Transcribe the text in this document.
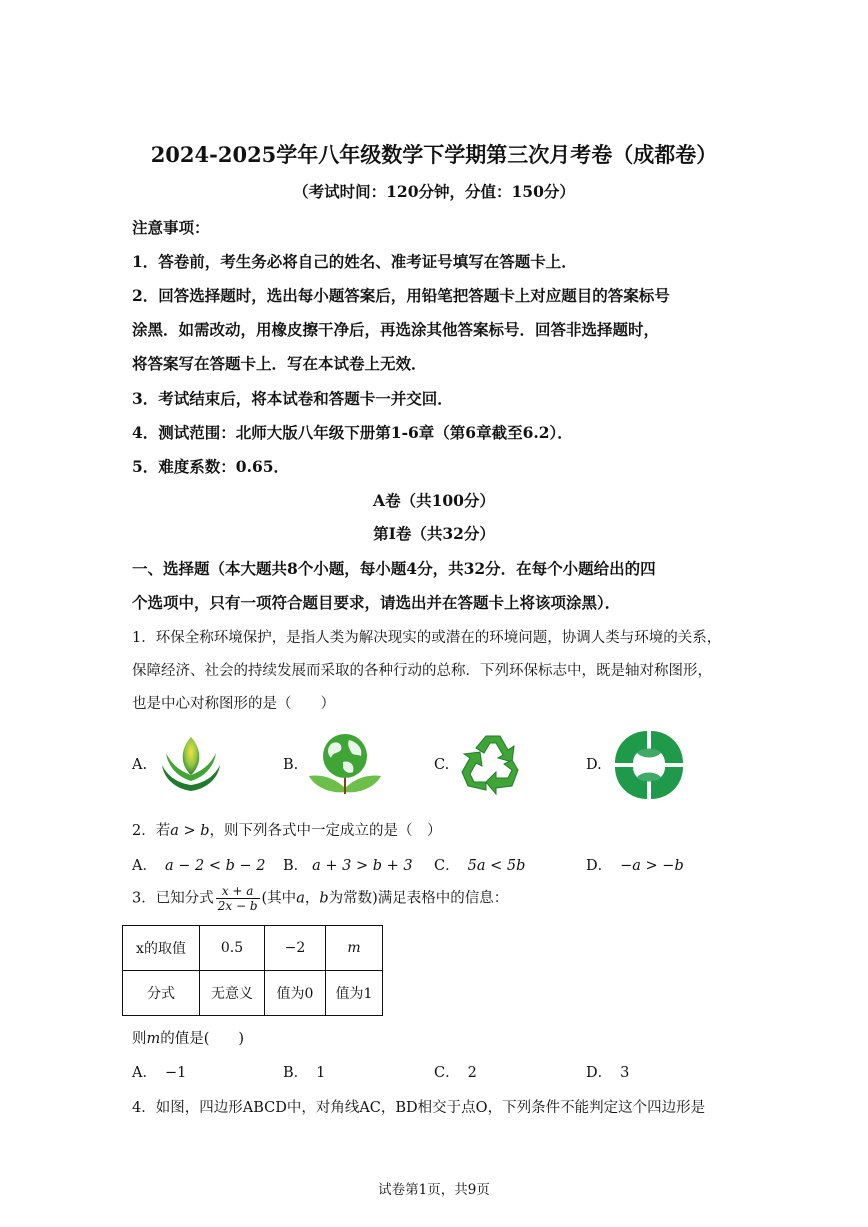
2024-2025学年八年级数学下学期第三次月考卷（成都卷）
（考试时间：120分钟，分值：150分）
注意事项：
1．答卷前，考生务必将自己的姓名、准考证号填写在答题卡上．
2．回答选择题时，选出每小题答案后，用铅笔把答题卡上对应题目的答案标号
涂黑．如需改动，用橡皮擦干净后，再选涂其他答案标号．回答非选择题时，
将答案写在答题卡上．写在本试卷上无效．
3．考试结束后，将本试卷和答题卡一并交回．
4．测试范围：北师大版八年级下册第1-6章（第6章截至6.2）．
5．难度系数：0.65．
A卷（共100分）
第Ⅰ卷（共32分）
一、选择题（本大题共8个小题，每小题4分，共32分．在每个小题给出的四
个选项中，只有一项符合题目要求，请选出并在答题卡上将该项涂黑）．
1．环保全称环境保护，是指人类为解决现实的或潜在的环境问题，协调人类与环境的关系，
保障经济、社会的持续发展而采取的各种行动的总称．下列环保标志中，既是轴对称图形，
也是中心对称图形的是（　　）
A.	B.	C.	D.
2．若a > b，则下列各式中一定成立的是（　）
A． a − 2 < b − 2 B． a + 3 > b + 3 C． 5a < 5b	D． −a > −b
3．已知分式 $\frac{x + a}{2x - b}$ (其中a，b为常数)满足表格中的信息：
x的取值	0.5	−2	m
分式	无意义	值为0	值为1
则m的值是(　　)
A． −1	B． 1	C． 2	D． 3
4．如图，四边形ABCD中，对角线AC，BD相交于点O，下列条件不能判定这个四边形是
试卷第1页，共9页
